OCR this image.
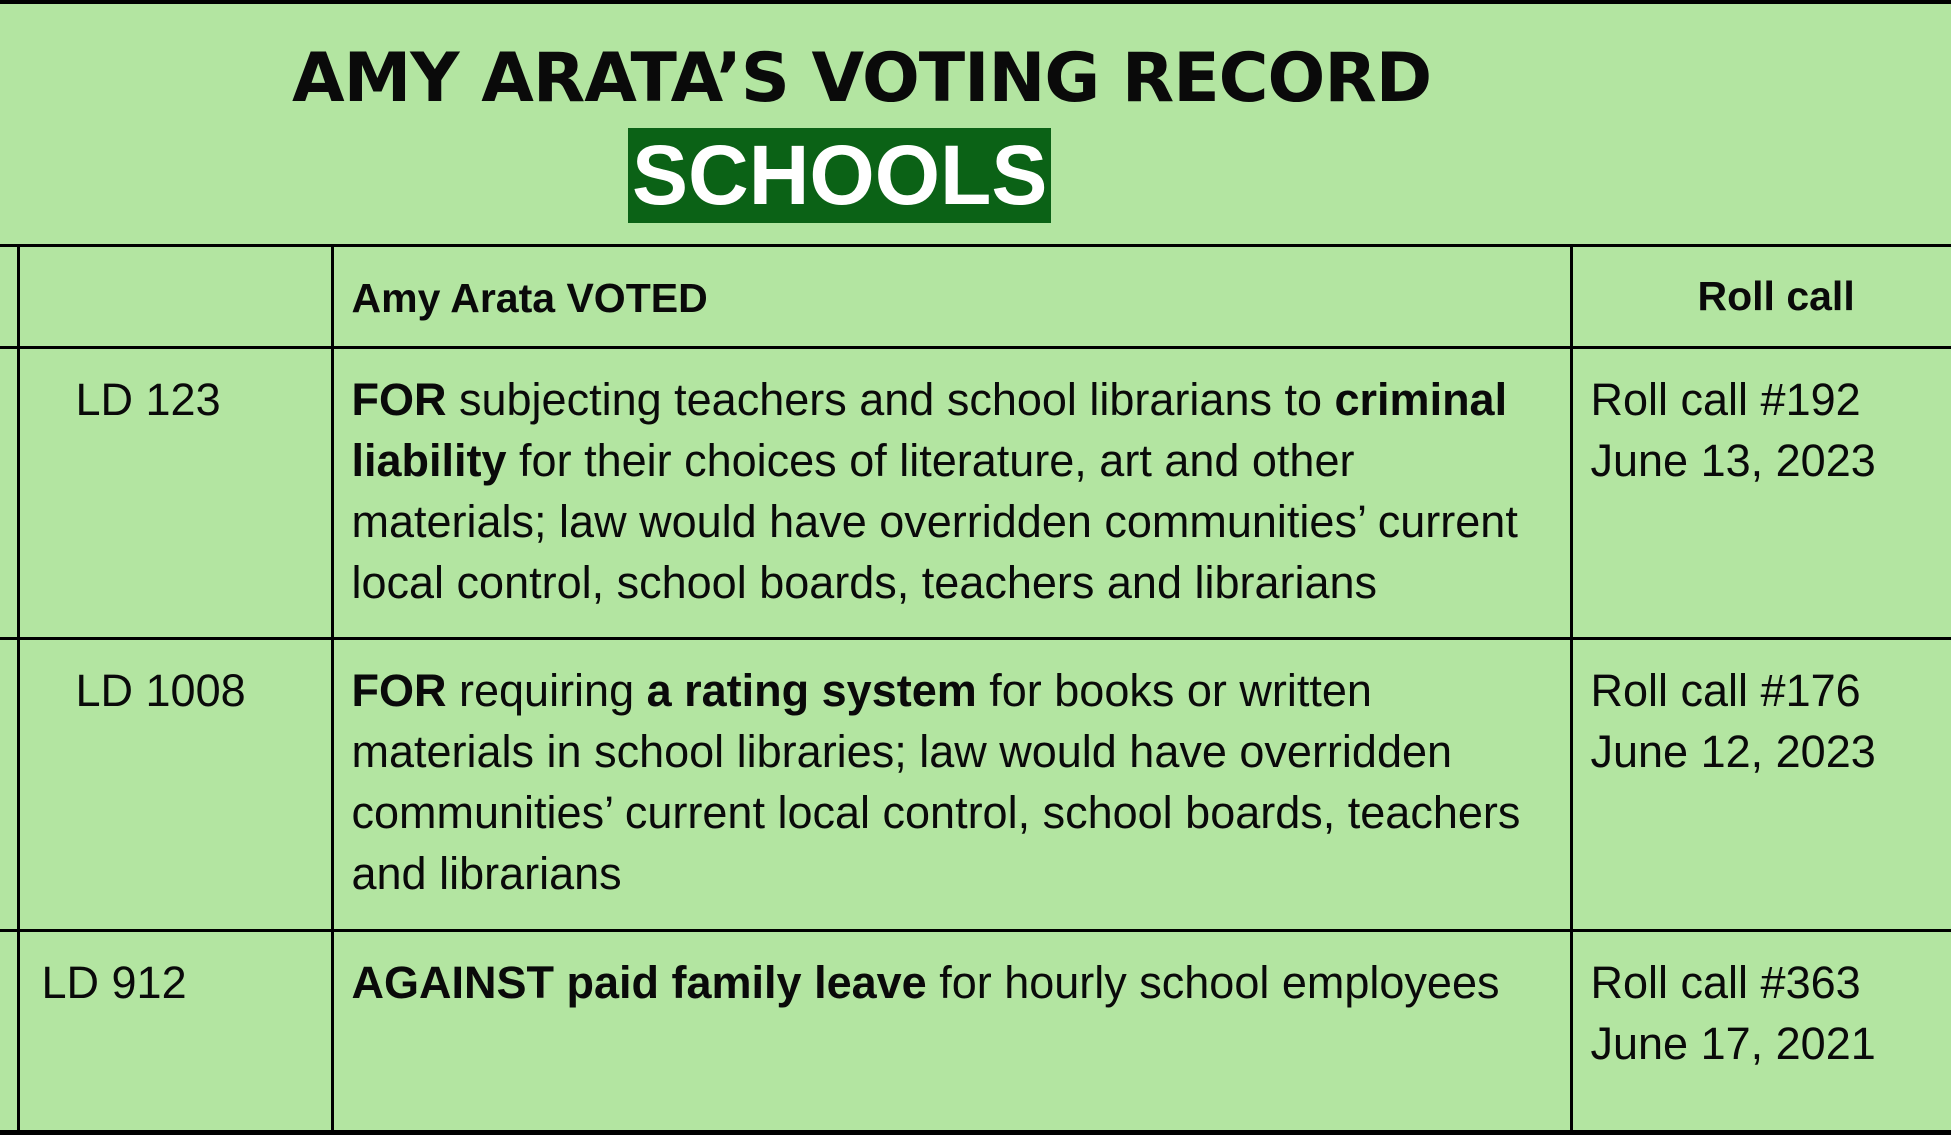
AMY ARATA’S VOTING RECORD
SCHOOLS
		Amy Arata VOTED	Roll call
	LD 123	FOR subjecting teachers and school librarians to criminal liability for their choices of literature, art and other materials; law would have overridden communities’ current local control, school boards, teachers and librarians	Roll call #192
June 13, 2023

	LD 1008	FOR requiring a rating system for books or written materials in school libraries; law would have overridden communities’ current local control, school boards, teachers and librarians	Roll call #176
June 12, 2023

	LD 912	AGAINST paid family leave for hourly school employees	Roll call #363
June 17, 2021
